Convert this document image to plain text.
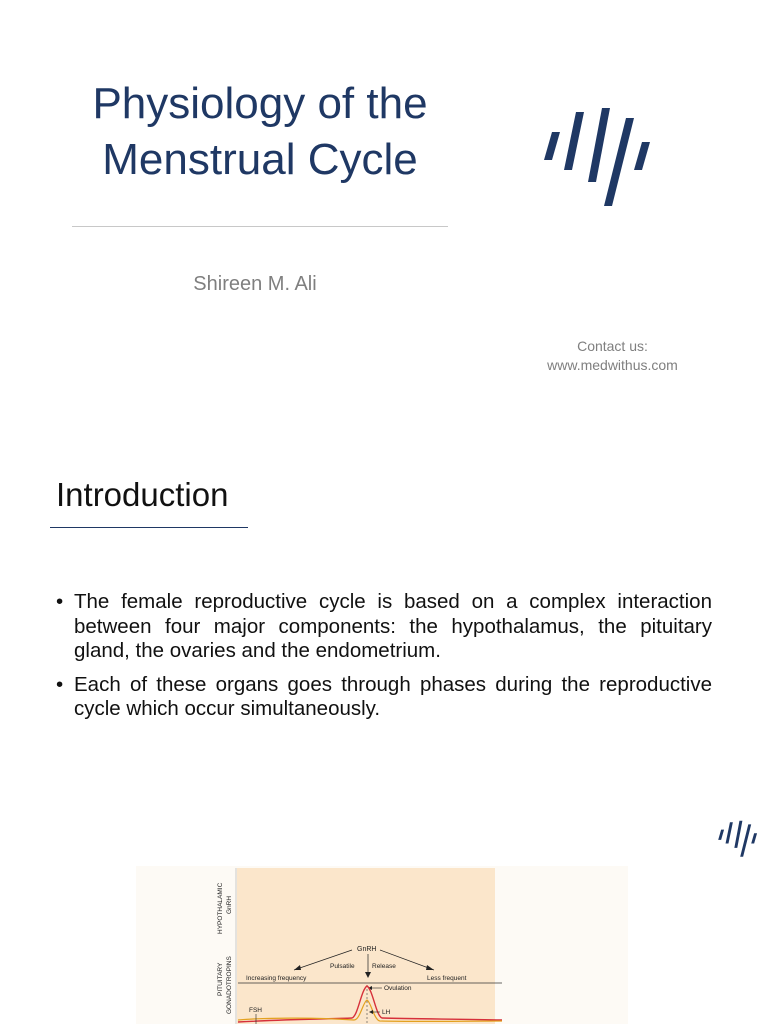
Physiology of the
Menstrual Cycle
Shireen M. Ali
Contact us:
www.medwithus.com
Introduction
• The female reproductive cycle is based on a complex interaction between four major components: the hypothalamus, the pituitary gland, the ovaries and the endometrium.
• Each of these organs goes through phases during the reproductive cycle which occur simultaneously.
HYPOTHALAMIC GnRH
PITUITARY GONADOTROPINS
GnRH
Pulsatile	Release
Increasing frequency	Less frequent
Ovulation
LH
FSH
